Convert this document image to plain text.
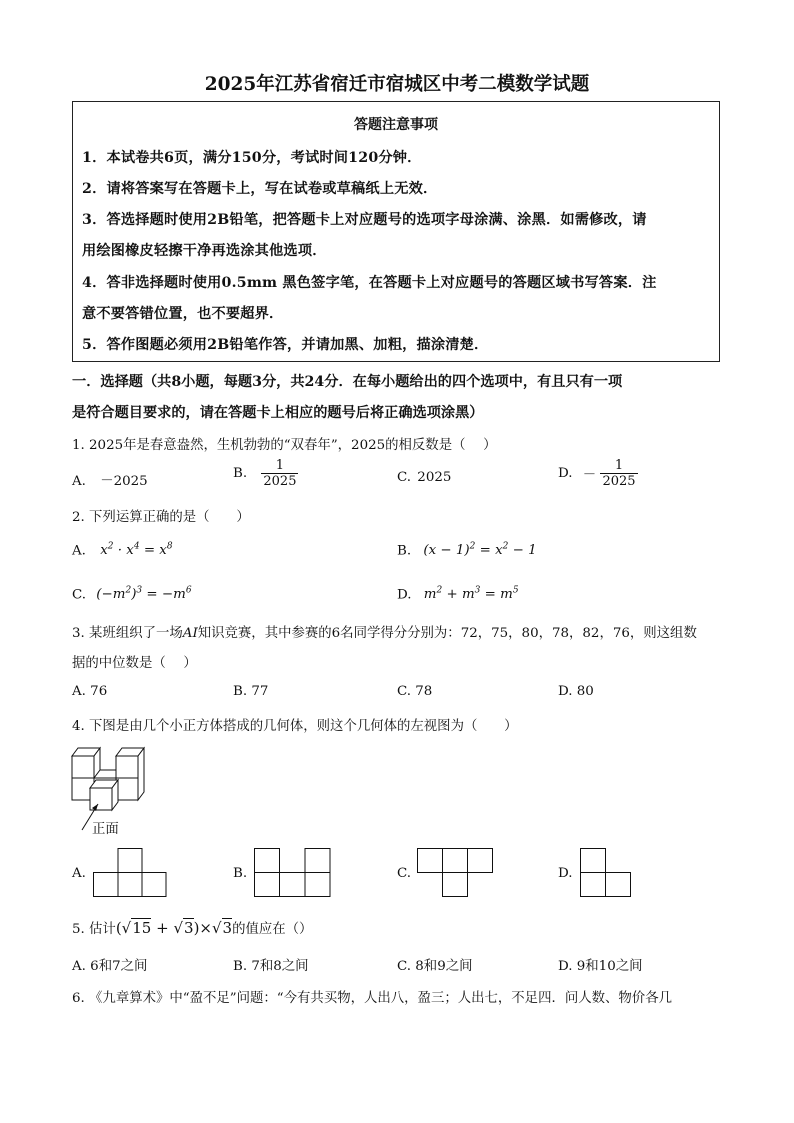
2025年江苏省宿迁市宿城区中考二模数学试题
答题注意事项
1．本试卷共6页，满分150分，考试时间120分钟．
2．请将答案写在答题卡上，写在试卷或草稿纸上无效．
3．答选择题时使用2B铅笔，把答题卡上对应题号的选项字母涂满、涂黑．如需修改，请
用绘图橡皮轻擦干净再选涂其他选项．
4．答非选择题时使用0.5mm 黑色签字笔，在答题卡上对应题号的答题区域书写答案．注
意不要答错位置，也不要超界．
5．答作图题必须用2B铅笔作答，并请加黑、加粗，描涂清楚．
一．选择题（共8小题，每题3分，共24分．在每小题给出的四个选项中，有且只有一项
是符合题目要求的，请在答题卡上相应的题号后将正确选项涂黑）
1. 2025年是春意盎然，生机勃勃的“双春年”，2025的相反数是（　 ）
A. －2025
B. $\frac{1}{2025}$	C. 2025	D. － $\frac{1}{2025}$
2. 下列运算正确的是（　　）
A. $x^2 \cdot x^4 = x^8$	B. $(x - 1)^2 = x^2 - 1$
C. $(-m^2)^3 = -m^6$	D. $m^2 + m^3 = m^5$
3. 某班组织了一场AI知识竞赛，其中参赛的6名同学得分分别为：72，75，80，78，82，76，则这组数
据的中位数是（　 ）
A. 76	B. 77	C. 78	D. 80
4. 下图是由几个小正方体搭成的几何体，则这个几何体的左视图为（　　）
正面
A.	B.	C.	D.
5. 估计(√15 + √3)×√3的值应在（）
A. 6和7之间	B. 7和8之间	C. 8和9之间	D. 9和10之间
6. 《九章算术》中“盈不足”问题：“今有共买物，人出八，盈三；人出七，不足四．问人数、物价各几
